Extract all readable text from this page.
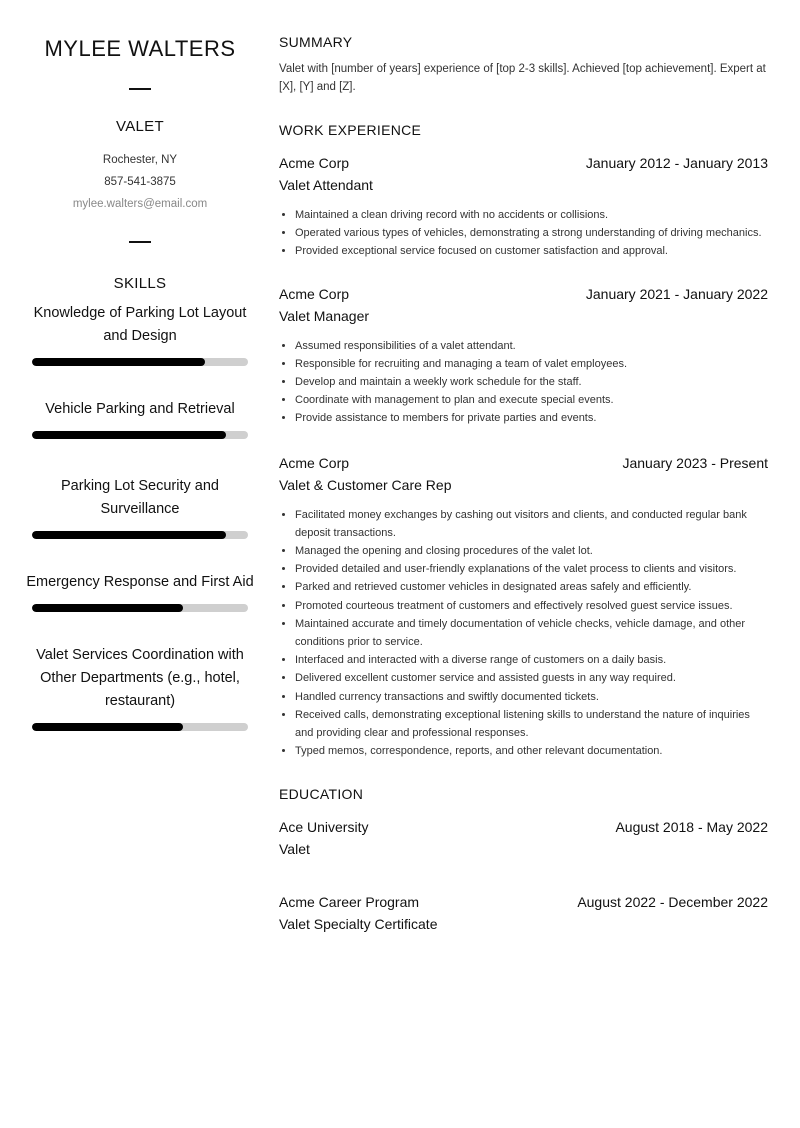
MYLEE WALTERS
VALET
Rochester, NY
857-541-3875
mylee.walters@email.com
SKILLS
Knowledge of Parking Lot Layout and Design
Vehicle Parking and Retrieval
Parking Lot Security and Surveillance
Emergency Response and First Aid
Valet Services Coordination with Other Departments (e.g., hotel, restaurant)
SUMMARY
Valet with [number of years] experience of [top 2-3 skills]. Achieved [top achievement]. Expert at [X], [Y] and [Z].
WORK EXPERIENCE
Acme Corp	January 2012 - January 2013
Valet Attendant
• Maintained a clean driving record with no accidents or collisions.
• Operated various types of vehicles, demonstrating a strong understanding of driving mechanics.
• Provided exceptional service focused on customer satisfaction and approval.
Acme Corp	January 2021 - January 2022
Valet Manager
• Assumed responsibilities of a valet attendant.
• Responsible for recruiting and managing a team of valet employees.
• Develop and maintain a weekly work schedule for the staff.
• Coordinate with management to plan and execute special events.
• Provide assistance to members for private parties and events.
Acme Corp	January 2023 - Present
Valet & Customer Care Rep
• Facilitated money exchanges by cashing out visitors and clients, and conducted regular bank deposit transactions.
• Managed the opening and closing procedures of the valet lot.
• Provided detailed and user-friendly explanations of the valet process to clients and visitors.
• Parked and retrieved customer vehicles in designated areas safely and efficiently.
• Promoted courteous treatment of customers and effectively resolved guest service issues.
• Maintained accurate and timely documentation of vehicle checks, vehicle damage, and other conditions prior to service.
• Interfaced and interacted with a diverse range of customers on a daily basis.
• Delivered excellent customer service and assisted guests in any way required.
• Handled currency transactions and swiftly documented tickets.
• Received calls, demonstrating exceptional listening skills to understand the nature of inquiries and providing clear and professional responses.
• Typed memos, correspondence, reports, and other relevant documentation.
EDUCATION
Ace University	August 2018 - May 2022
Valet
Acme Career Program	August 2022 - December 2022
Valet Specialty Certificate
